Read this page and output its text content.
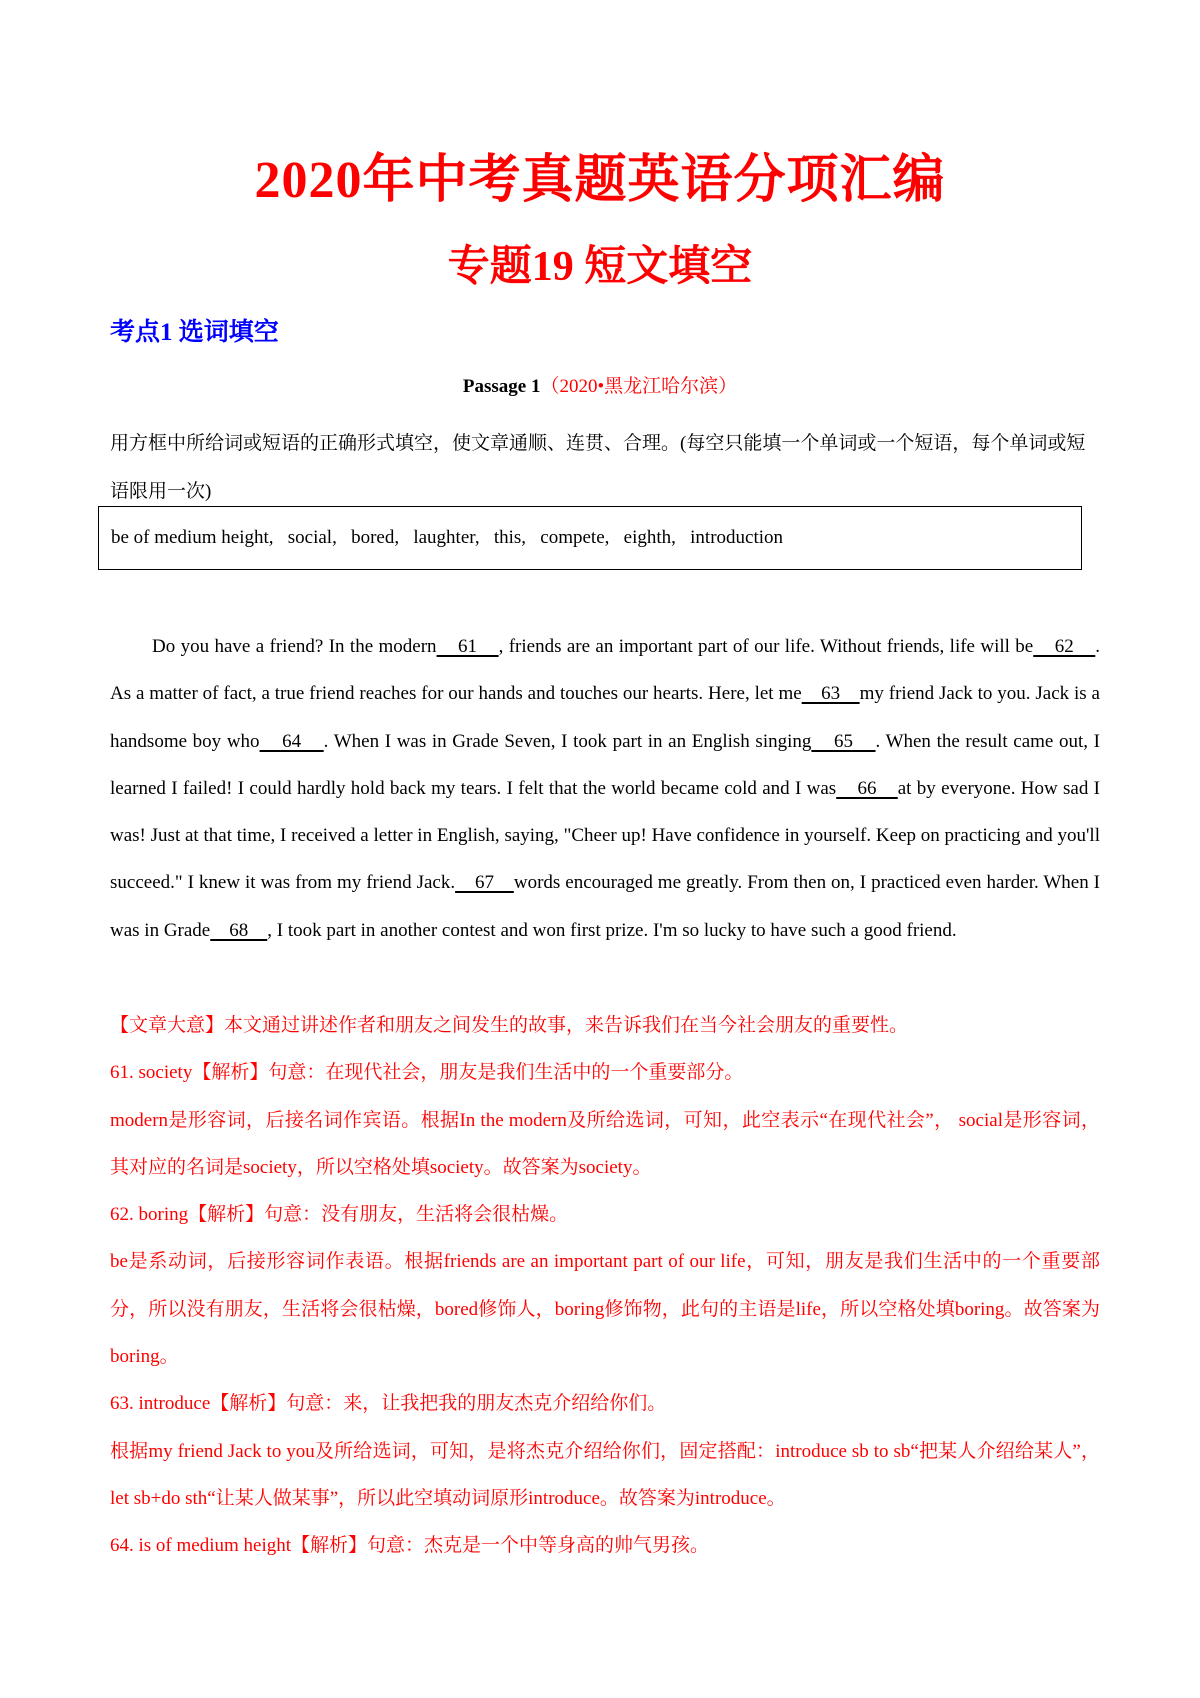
2020年中考真题英语分项汇编
专题19 短文填空
考点1 选词填空
Passage 1（2020•黑龙江哈尔滨）
用方框中所给词或短语的正确形式填空，使文章通顺、连贯、合理。(每空只能填一个单词或一个短语，每个单词或短语限用一次)
be of medium height,   social,   bored,   laughter,   this,   compete,   eighth,   introduction

Do you have a friend? In the modern    61    , friends are an important part of our life. Without friends, life will be    62    . As a matter of fact, a true friend reaches for our hands and touches our hearts. Here, let me    63    my friend Jack to you. Jack is a handsome boy who    64    . When I was in Grade Seven, I took part in an English singing    65    . When the result came out, I learned I failed! I could hardly hold back my tears. I felt that the world became cold and I was    66    at by everyone. How sad I was! Just at that time, I received a letter in English, saying, "Cheer up! Have confidence in yourself. Keep on practicing and you'll succeed." I knew it was from my friend Jack.    67    words encouraged me greatly. From then on, I practiced even harder. When I was in Grade    68    , I took part in another contest and won first prize. I'm so lucky to have such a good friend.

【文章大意】本文通过讲述作者和朋友之间发生的故事，来告诉我们在当今社会朋友的重要性。

61. society【解析】句意：在现代社会，朋友是我们生活中的一个重要部分。

modern是形容词，后接名词作宾语。根据In the modern及所给选词，可知，此空表示“在现代社会”， social是形容词，其对应的名词是society，所以空格处填society。故答案为society。

62. boring【解析】句意：没有朋友，生活将会很枯燥。

be是系动词，后接形容词作表语。根据friends are an important part of our life，可知，朋友是我们生活中的一个重要部分，所以没有朋友，生活将会很枯燥，bored修饰人，boring修饰物，此句的主语是life，所以空格处填boring。故答案为boring。

63. introduce【解析】句意：来，让我把我的朋友杰克介绍给你们。

根据my friend Jack to you及所给选词，可知，是将杰克介绍给你们，固定搭配：introduce sb to sb“把某人介绍给某人”， let sb+do sth“让某人做某事”，所以此空填动词原形introduce。故答案为introduce。

64. is of medium height【解析】句意：杰克是一个中等身高的帅气男孩。
